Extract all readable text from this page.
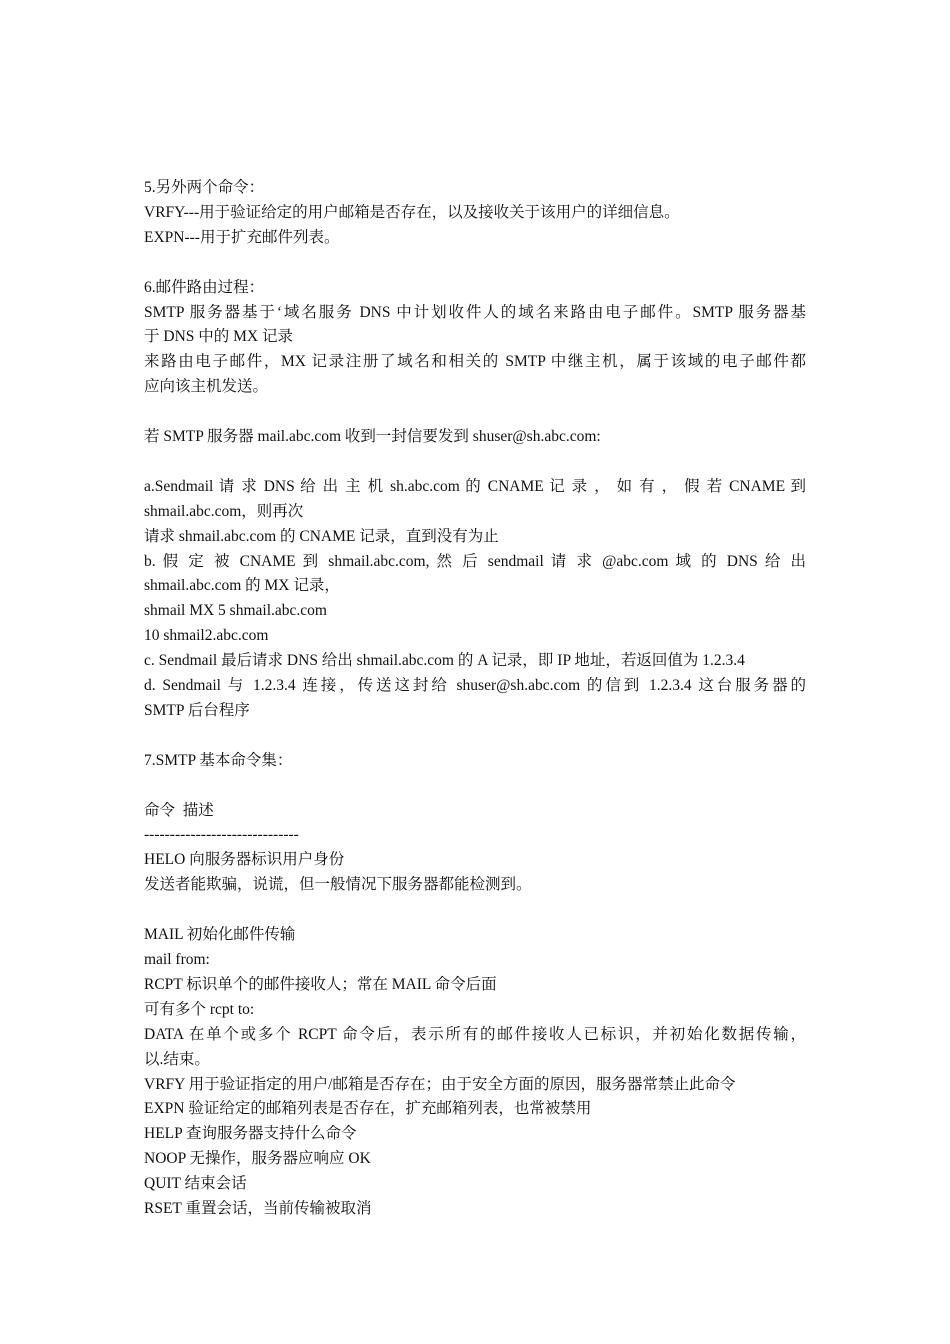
5.另外两个命令：
VRFY---用于验证给定的用户邮箱是否存在，以及接收关于该用户的详细信息。
EXPN---用于扩充邮件列表。
6.邮件路由过程：
SMTP 服务器基于‘域名服务 DNS 中计划收件人的域名来路由电子邮件。SMTP 服务器基
于 DNS 中的 MX 记录
来路由电子邮件，MX 记录注册了域名和相关的 SMTP 中继主机，属于该域的电子邮件都
应向该主机发送。
若 SMTP 服务器 mail.abc.com 收到一封信要发到 shuser@sh.abc.com:
a.Sendmail 请 求 DNS 给 出 主 机 sh.abc.com 的 CNAME 记 录 ， 如 有 ， 假 若 CNAME 到
shmail.abc.com，则再次
请求 shmail.abc.com 的 CNAME 记录，直到没有为止
b. 假 定 被 CNAME 到 shmail.abc.com, 然 后 sendmail 请 求 @abc.com 域 的 DNS 给 出
shmail.abc.com 的 MX 记录，
shmail MX 5 shmail.abc.com
10 shmail2.abc.com
c. Sendmail 最后请求 DNS 给出 shmail.abc.com 的 A 记录，即 IP 地址，若返回值为 1.2.3.4
d. Sendmail 与 1.2.3.4 连接，传送这封给 shuser@sh.abc.com 的信到 1.2.3.4 这台服务器的
SMTP 后台程序
7.SMTP 基本命令集：
命令  描述
------------------------------
HELO 向服务器标识用户身份
发送者能欺骗，说谎，但一般情况下服务器都能检测到。
MAIL 初始化邮件传输
mail from:
RCPT 标识单个的邮件接收人；常在 MAIL 命令后面
可有多个 rcpt to:
DATA 在单个或多个 RCPT 命令后，表示所有的邮件接收人已标识，并初始化数据传输，
以.结束。
VRFY 用于验证指定的用户/邮箱是否存在；由于安全方面的原因，服务器常禁止此命令
EXPN 验证给定的邮箱列表是否存在，扩充邮箱列表，也常被禁用
HELP 查询服务器支持什么命令
NOOP 无操作，服务器应响应 OK
QUIT 结束会话
RSET 重置会话，当前传输被取消
